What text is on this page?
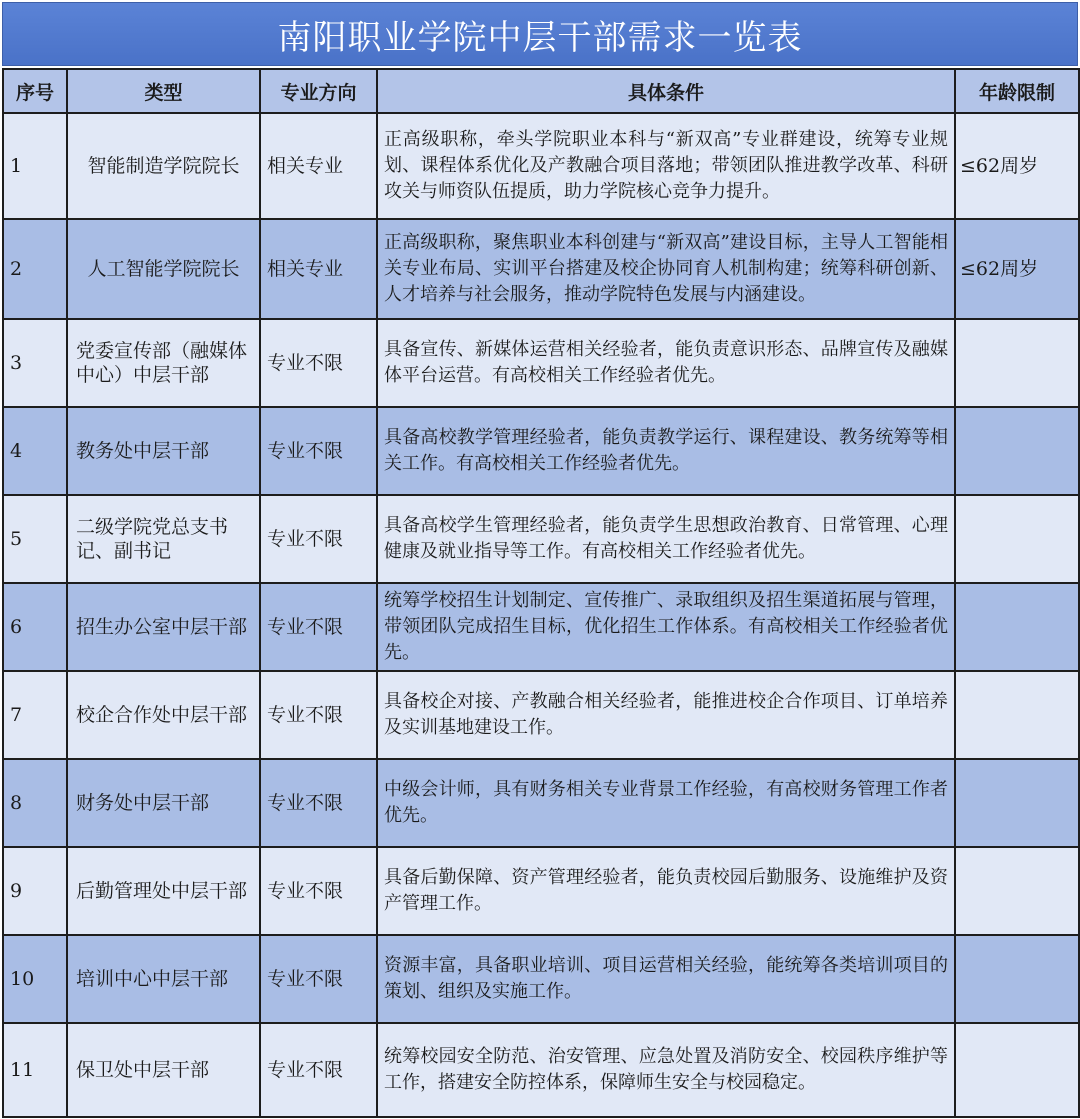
南阳职业学院中层干部需求一览表
序号	类型	专业方向	具体条件	年龄限制
1	智能制造学院院长	相关专业	正高级职称，牵头学院职业本科与“新双高”专业群建设，统筹专业规划、课程体系优化及产教融合项目落地；带领团队推进教学改革、科研攻关与师资队伍提质，助力学院核心竞争力提升。	≤62周岁
2	人工智能学院院长	相关专业	正高级职称，聚焦职业本科创建与“新双高”建设目标，主导人工智能相关专业布局、实训平台搭建及校企协同育人机制构建；统筹科研创新、人才培养与社会服务，推动学院特色发展与内涵建设。	≤62周岁
3	党委宣传部（融媒体中心）中层干部	专业不限	具备宣传、新媒体运营相关经验者，能负责意识形态、品牌宣传及融媒体平台运营。有高校相关工作经验者优先。	
4	教务处中层干部	专业不限	具备高校教学管理经验者，能负责教学运行、课程建设、教务统筹等相关工作。有高校相关工作经验者优先。	
5	二级学院党总支书记、副书记	专业不限	具备高校学生管理经验者，能负责学生思想政治教育、日常管理、心理健康及就业指导等工作。有高校相关工作经验者优先。	
6	招生办公室中层干部	专业不限	统筹学校招生计划制定、宣传推广、录取组织及招生渠道拓展与管理，带领团队完成招生目标，优化招生工作体系。有高校相关工作经验者优先。	
7	校企合作处中层干部	专业不限	具备校企对接、产教融合相关经验者，能推进校企合作项目、订单培养及实训基地建设工作。	
8	财务处中层干部	专业不限	中级会计师，具有财务相关专业背景工作经验，有高校财务管理工作者优先。	
9	后勤管理处中层干部	专业不限	具备后勤保障、资产管理经验者，能负责校园后勤服务、设施维护及资产管理工作。	
10	培训中心中层干部	专业不限	资源丰富，具备职业培训、项目运营相关经验，能统筹各类培训项目的策划、组织及实施工作。	
11	保卫处中层干部	专业不限	统筹校园安全防范、治安管理、应急处置及消防安全、校园秩序维护等工作，搭建安全防控体系，保障师生安全与校园稳定。	
